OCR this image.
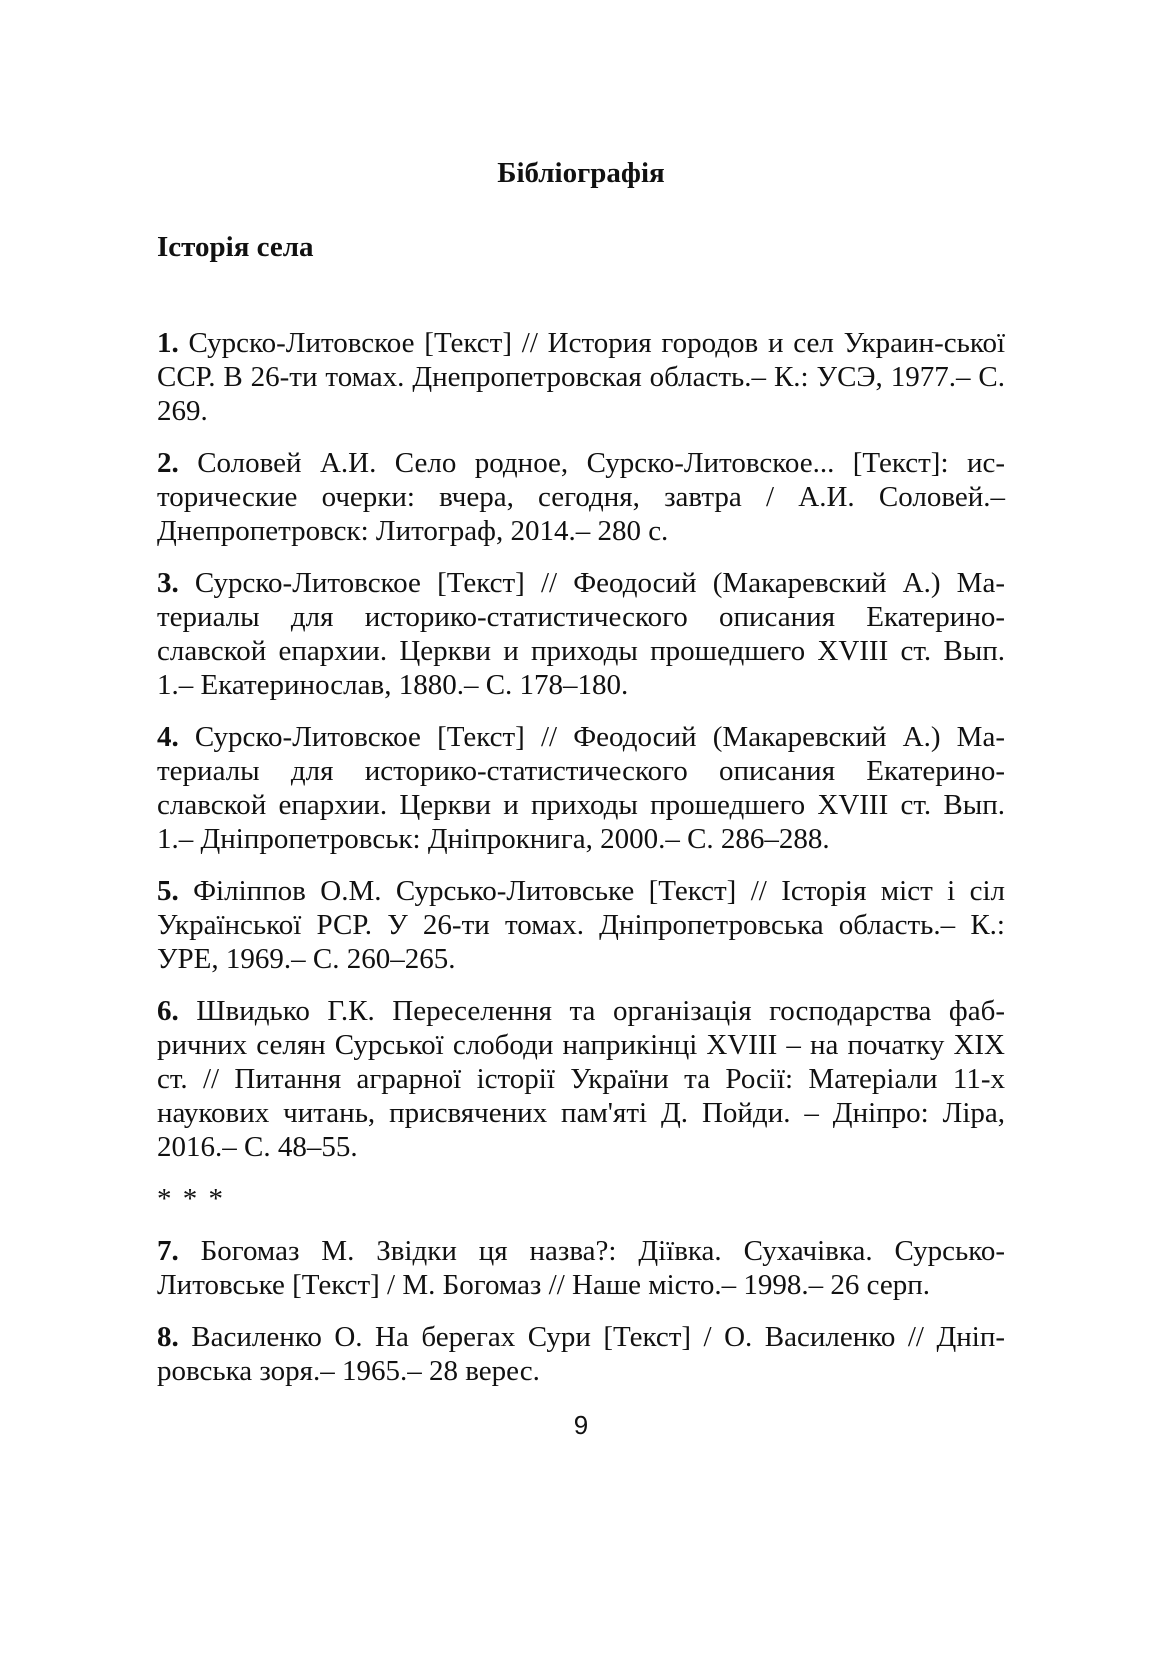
Бібліографія
Історія села

1. Сурско-Литовское [Текст] // История городов и сел Украин-ської ССР. В 26-ти томах. Днепропетровская область.– К.: УСЭ, 1977.– С. 269.

2. Соловей А.И. Село родное, Сурско-Литовское... [Текст]: ис-торические очерки: вчера, сегодня, завтра / А.И. Соловей.– Днепропетровск: Литограф, 2014.– 280 с.

3. Сурско-Литовское [Текст] // Феодосий (Макаревский А.) Ма-териалы для историко-статистического описания Екатерино-славской епархии. Церкви и приходы прошедшего XVIII ст. Вып. 1.– Екатеринослав, 1880.– С. 178–180.

4. Сурско-Литовское [Текст] // Феодосий (Макаревский А.) Ма-териалы для историко-статистического описания Екатерино-славской епархии. Церкви и приходы прошедшего XVIII ст. Вып. 1.– Дніпропетровськ: Дніпрокнига, 2000.– С. 286–288.

5. Філіппов О.М. Сурсько-Литовське [Текст] // Історія міст і сіл Української РСР. У 26-ти томах. Дніпропетровська область.– К.: УРЕ, 1969.– С. 260–265.

6. Швидько Г.К. Переселення та організація господарства фаб-ричних селян Сурської слободи наприкінці XVIII – на початку XIX ст. // Питання аграрної історії України та Росії: Матеріали 11-х наукових читань, присвячених пам'яті Д. Пойди. – Дніпро: Ліра, 2016.– С. 48–55.

* * *

7. Богомаз М. Звідки ця назва?: Діївка. Сухачівка. Сурсько-Литовське [Текст] / М. Богомаз // Наше місто.– 1998.– 26 серп.

8. Василенко О. На берегах Сури [Текст] / О. Василенко // Дніп-ровська зоря.– 1965.– 28 верес.

9
